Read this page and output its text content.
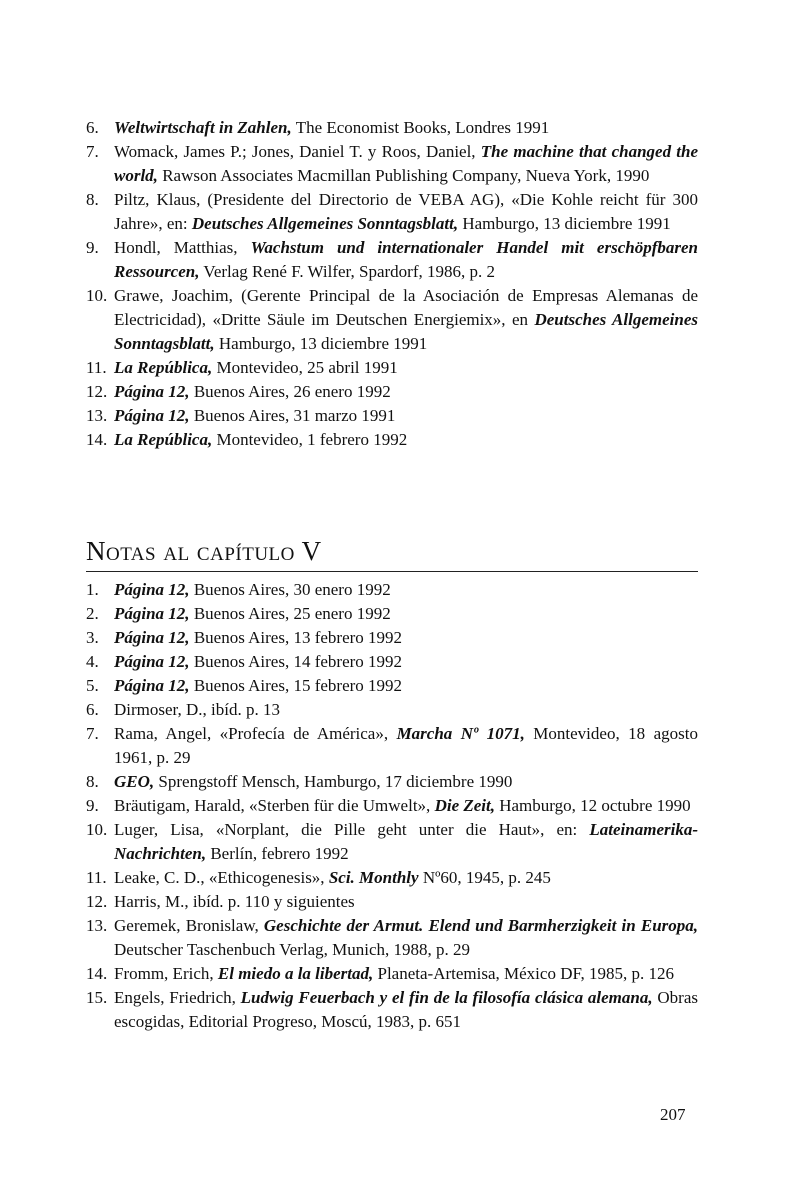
6. Weltwirtschaft in Zahlen, The Economist Books, Londres 1991
7. Womack, James P.; Jones, Daniel T. y Roos, Daniel, The machine that changed the world, Rawson Associates Macmillan Publishing Company, Nueva York, 1990
8. Piltz, Klaus, (Presidente del Directorio de VEBA AG), «Die Kohle reicht für 300 Jahre», en: Deutsches Allgemeines Sonntagsblatt, Hamburgo, 13 diciembre 1991
9. Hondl, Matthias, Wachstum und internationaler Handel mit erschöpfbaren Ressourcen, Verlag René F. Wilfer, Spardorf, 1986, p. 2
10. Grawe, Joachim, (Gerente Principal de la Asociación de Empresas Alemanas de Electricidad), «Dritte Säule im Deutschen Energiemix», en Deutsches Allgemeines Sonntagsblatt, Hamburgo, 13 diciembre 1991
11. La República, Montevideo, 25 abril 1991
12. Página 12, Buenos Aires, 26 enero 1992
13. Página 12, Buenos Aires, 31 marzo 1991
14. La República, Montevideo, 1 febrero 1992
Notas al capítulo V
1. Página 12, Buenos Aires, 30 enero 1992
2. Página 12, Buenos Aires, 25 enero 1992
3. Página 12, Buenos Aires, 13 febrero 1992
4. Página 12, Buenos Aires, 14 febrero 1992
5. Página 12, Buenos Aires, 15 febrero 1992
6. Dirmoser, D., ibíd. p. 13
7. Rama, Angel, «Profecía de América», Marcha Nº 1071, Montevideo, 18 agosto 1961, p. 29
8. GEO, Sprengstoff Mensch, Hamburgo, 17 diciembre 1990
9. Bräutigam, Harald, «Sterben für die Umwelt», Die Zeit, Hamburgo, 12 octubre 1990
10. Luger, Lisa, «Norplant, die Pille geht unter die Haut», en: Lateinamerika-Nachrichten, Berlín, febrero 1992
11. Leake, C. D., «Ethicogenesis», Sci. Monthly Nº60, 1945, p. 245
12. Harris, M., ibíd. p. 110 y siguientes
13. Geremek, Bronislaw, Geschichte der Armut. Elend und Barmherzigkeit in Europa, Deutscher Taschenbuch Verlag, Munich, 1988, p. 29
14. Fromm, Erich, El miedo a la libertad, Planeta-Artemisa, México DF, 1985, p. 126
15. Engels, Friedrich, Ludwig Feuerbach y el fin de la filosofía clásica alemana, Obras escogidas, Editorial Progreso, Moscú, 1983, p. 651
207
